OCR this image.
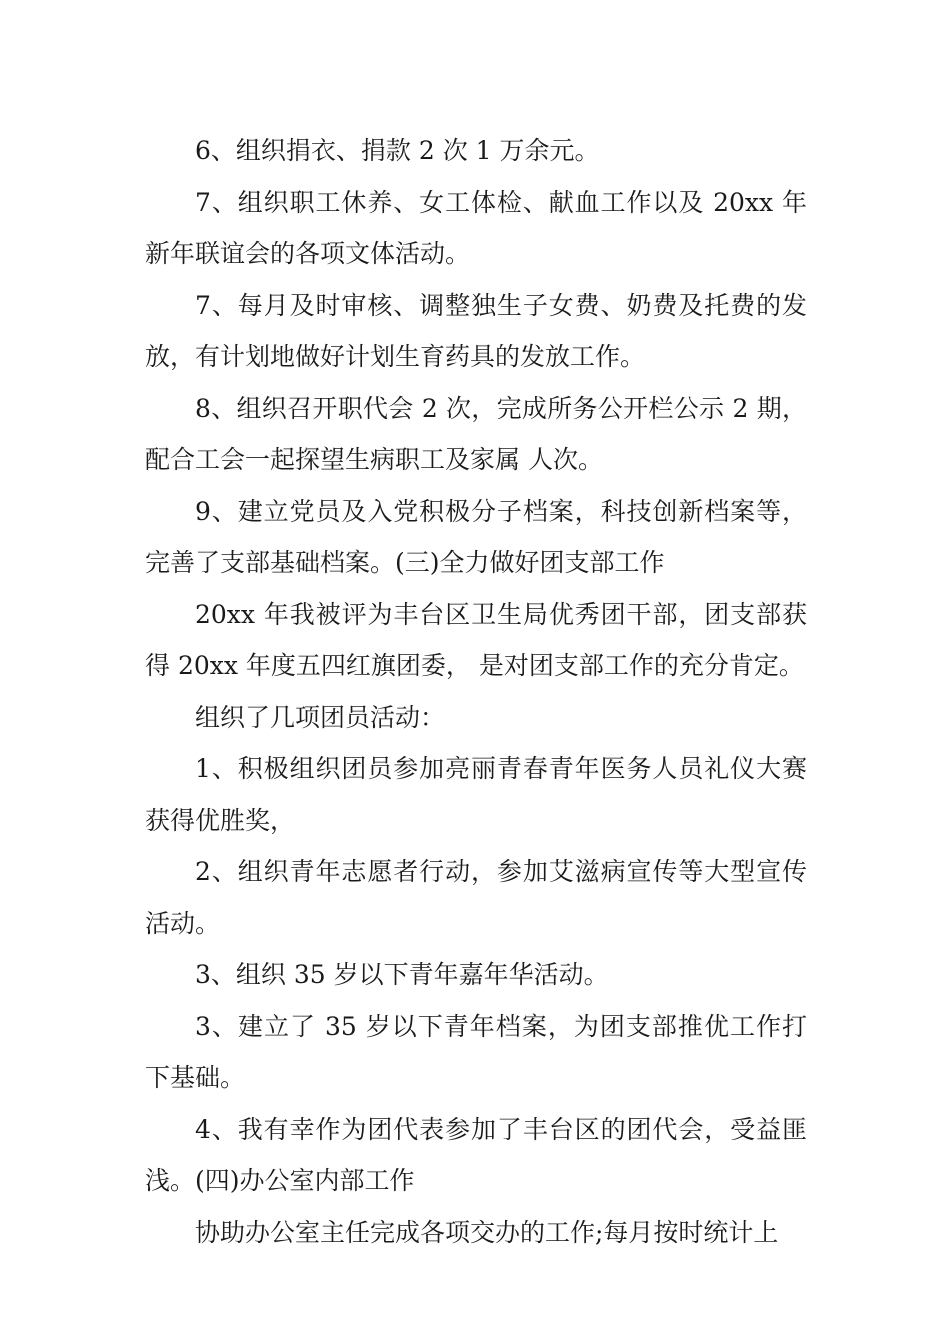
6、组织捐衣、捐款 2 次 1 万余元。

7、组织职工休养、女工体检、献血工作以及 20xx 年新年联谊会的各项文体活动。

7、每月及时审核、调整独生子女费、奶费及托费的发放，有计划地做好计划生育药具的发放工作。

8、组织召开职代会 2 次，完成所务公开栏公示 2 期，配合工会一起探望生病职工及家属 人次。

9、建立党员及入党积极分子档案，科技创新档案等，完善了支部基础档案。(三)全力做好团支部工作

20xx 年我被评为丰台区卫生局优秀团干部，团支部获得 20xx 年度五四红旗团委， 是对团支部工作的充分肯定。

组织了几项团员活动：

1、积极组织团员参加亮丽青春青年医务人员礼仪大赛获得优胜奖，

2、组织青年志愿者行动，参加艾滋病宣传等大型宣传活动。

3、组织 35 岁以下青年嘉年华活动。

3、建立了 35 岁以下青年档案，为团支部推优工作打下基础。

4、我有幸作为团代表参加了丰台区的团代会，受益匪浅。(四)办公室内部工作

协助办公室主任完成各项交办的工作;每月按时统计上
